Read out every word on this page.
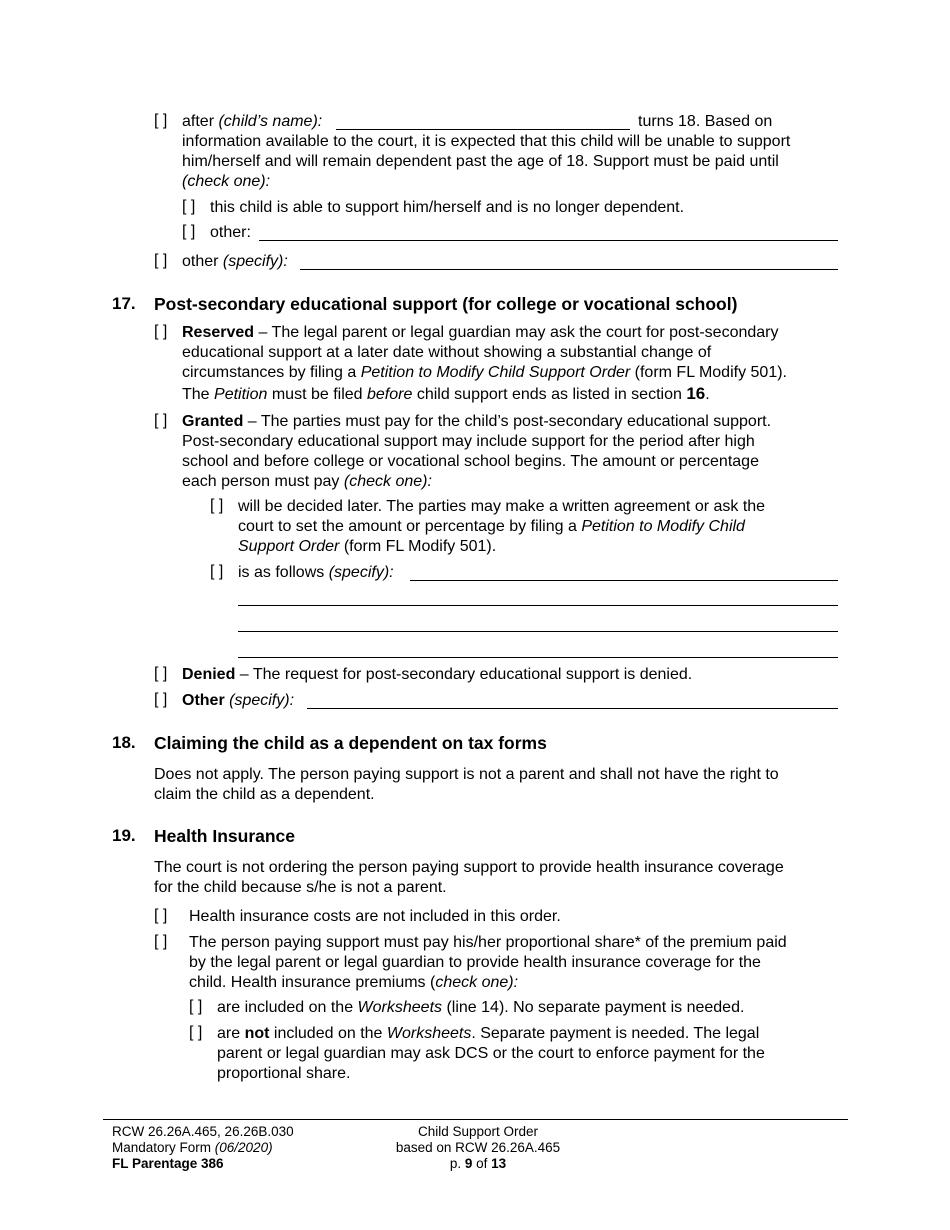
[ ] after (child’s name):	turns 18. Based on
information available to the court, it is expected that this child will be unable to support
him/herself and will remain dependent past the age of 18. Support must be paid until
(check one):
[ ] this child is able to support him/herself and is no longer dependent.
[ ] other:
[ ] other (specify):
17. Post-secondary educational support (for college or vocational school)
[ ] Reserved – The legal parent or legal guardian may ask the court for post-secondary
educational support at a later date without showing a substantial change of
circumstances by filing a Petition to Modify Child Support Order (form FL Modify 501).
The Petition must be filed before child support ends as listed in section 16.
[ ] Granted – The parties must pay for the child’s post-secondary educational support.
Post-secondary educational support may include support for the period after high
school and before college or vocational school begins. The amount or percentage
each person must pay (check one):
[ ] will be decided later. The parties may make a written agreement or ask the
court to set the amount or percentage by filing a Petition to Modify Child
Support Order (form FL Modify 501).
[ ] is as follows (specify):
[ ] Denied – The request for post-secondary educational support is denied.
[ ] Other (specify):
18. Claiming the child as a dependent on tax forms
Does not apply. The person paying support is not a parent and shall not have the right to
claim the child as a dependent.
19. Health Insurance
The court is not ordering the person paying support to provide health insurance coverage
for the child because s/he is not a parent.
[ ] Health insurance costs are not included in this order.
[ ] The person paying support must pay his/her proportional share* of the premium paid
by the legal parent or legal guardian to provide health insurance coverage for the
child. Health insurance premiums (check one):
[ ] are included on the Worksheets (line 14). No separate payment is needed.
[ ] are not included on the Worksheets. Separate payment is needed. The legal
parent or legal guardian may ask DCS or the court to enforce payment for the
proportional share.
RCW 26.26A.465, 26.26B.030
Mandatory Form (06/2020)
FL Parentage 386
Child Support Order
based on RCW 26.26A.465
p. 9 of 13
